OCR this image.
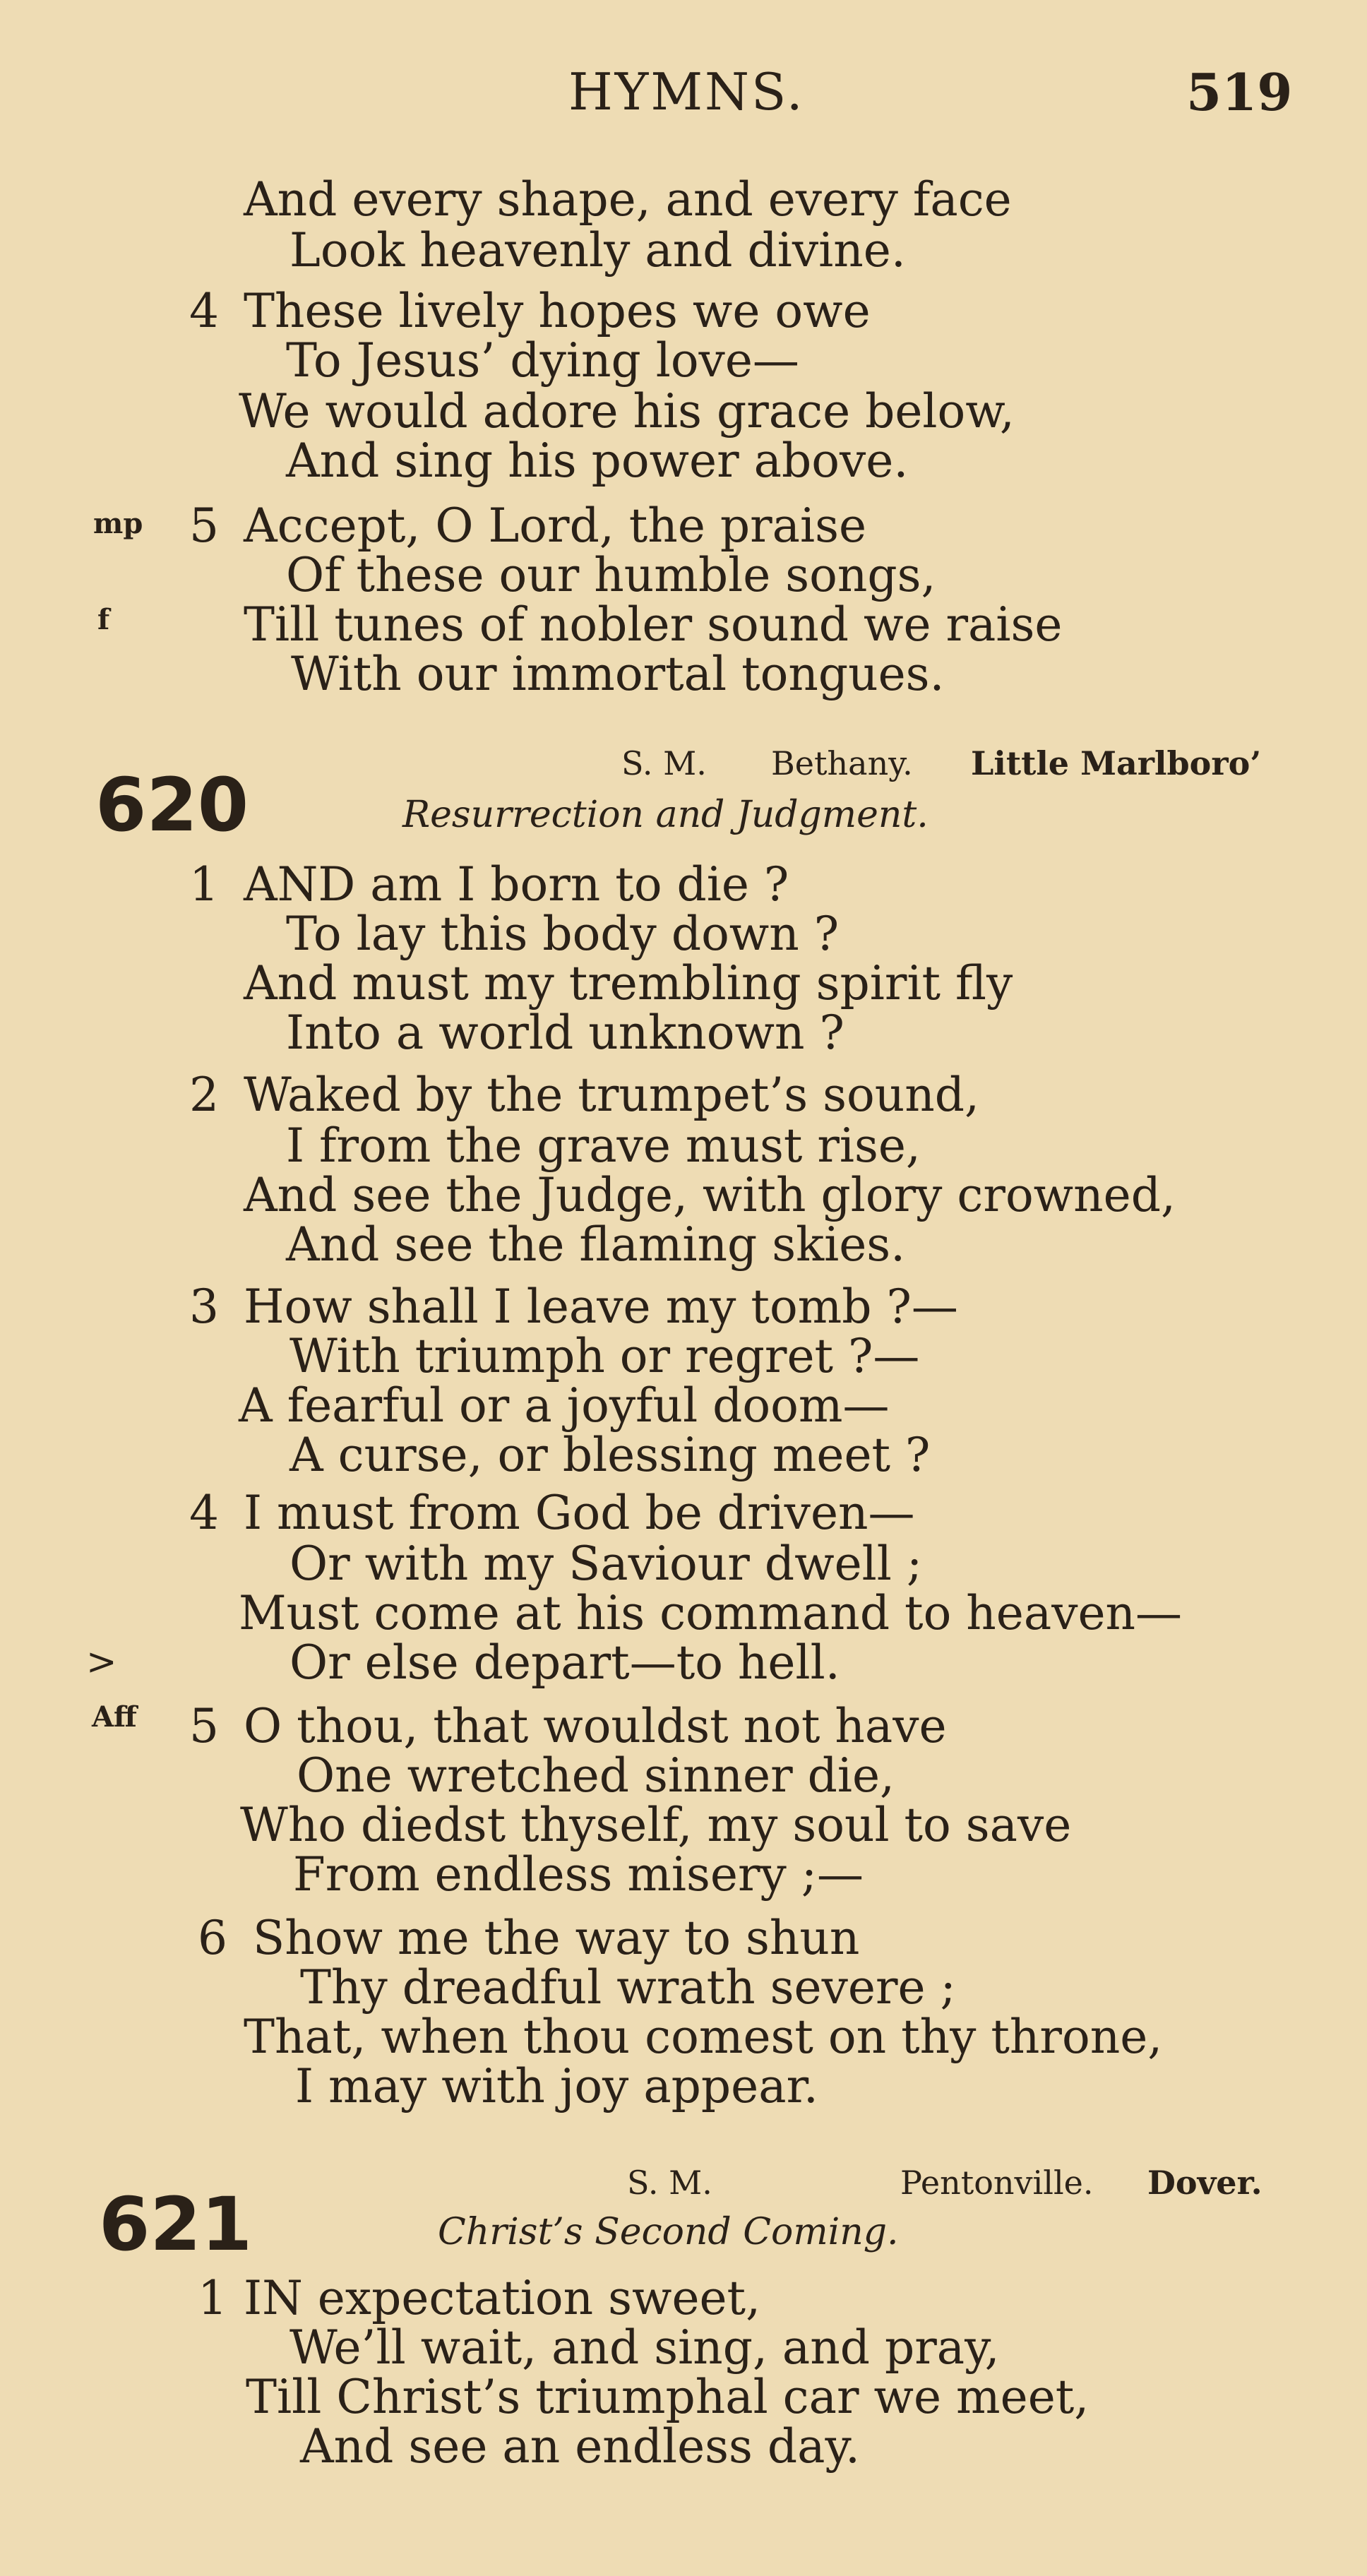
HYMNS.	519
And every shape, and every face
Look heavenly and divine.
4 These lively hopes we owe
To Jesus’ dying love—
We would adore his grace below,
And sing his power above.
mp 5 Accept, O Lord, the praise
Of these our humble songs,
f	Till tunes of nobler sound we raise
With our immortal tongues.
S. M. Bethany. Little Marlboro’
620	Resurrection and Judgment.
1 AND am I born to die ?
To lay this body down ?
And must my trembling spirit fly
Into a world unknown ?
2 Waked by the trumpet’s sound,
I from the grave must rise,
And see the Judge, with glory crowned,
And see the flaming skies.
3 How shall I leave my tomb ?—
With triumph or regret ?—
A fearful or a joyful doom—
A curse, or blessing meet ?
4 I must from God be driven—
Or with my Saviour dwell ;
Must come at his command to heaven—
>	Or else depart—to hell.
Aff 5 O thou, that wouldst not have
One wretched sinner die,
Who diedst thyself, my soul to save
From endless misery ;—
6 Show me the way to shun
Thy dreadful wrath severe ;
That, when thou comest on thy throne,
I may with joy appear.
S. M.	Pentonville. Dover.
621	Christ’s Second Coming.
1 IN expectation sweet,
We’ll wait, and sing, and pray,
Till Christ’s triumphal car we meet,
And see an endless day.
